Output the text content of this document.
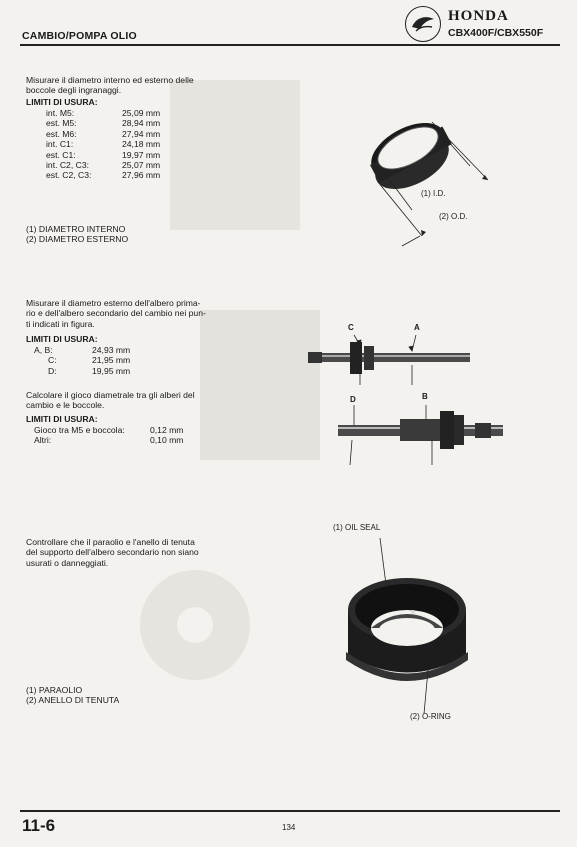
CAMBIO/POMPA OLIO
HONDA
CBX400F/CBX550F
Misurare il diametro interno ed esterno delle
boccole degli ingranaggi.
LIMITI DI USURA:
int. M5:	25,09 mm
est. M5:	28,94 mm
est. M6:	27,94 mm
int. C1:	24,18 mm
est. C1:	19,97 mm
int. C2, C3:	25,07 mm
est. C2, C3:	27,96 mm
(1) DIAMETRO INTERNO
(2) DIAMETRO ESTERNO
(1) I.D.
(2) O.D.
Misurare il diametro esterno dell'albero prima-
rio e dell'albero secondario del cambio nei pun-
ti indicati in figura.
LIMITI DI USURA:
A, B:	24,93 mm
C:	21,95 mm
D:	19,95 mm
Calcolare il gioco diametrale tra gli alberi del
cambio e le boccole.
LIMITI DI USURA:
Gioco tra M5 e boccola:	0,12 mm
Altri:	0,10 mm
C	A
D	B
Controllare che il paraolio e l'anello di tenuta
del supporto dell'albero secondario non siano
usurati o danneggiati.
(1) PARAOLIO
(2) ANELLO DI TENUTA
(1) OIL SEAL
(2) O-RING
11-6	134
